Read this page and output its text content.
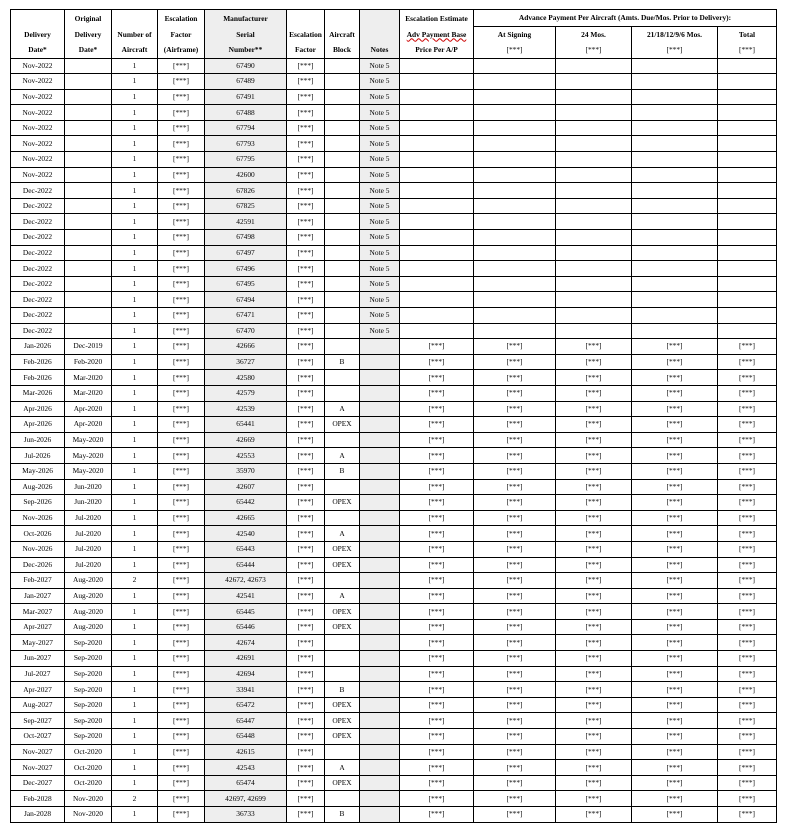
	Original		Escalation	Manufacturer				Escalation Estimate	Advance Payment Per Aircraft (Amts. Due/Mos. Prior to Delivery):			
Delivery	Delivery	Number of	Factor	Serial	Escalation	Aircraft		Adv Payment Base	At Signing	24 Mos.	21/18/12/9/6 Mos.	Total
Date*	Date*	Aircraft	(Airframe)	Number**	Factor	Block	Notes	Price Per A/P	[***]	[***]	[***]	[***]
Nov-2022		1	[***]	67490	[***]		Note 5					
Nov-2022		1	[***]	67489	[***]		Note 5					
Nov-2022		1	[***]	67491	[***]		Note 5					
Nov-2022		1	[***]	67488	[***]		Note 5					
Nov-2022		1	[***]	67794	[***]		Note 5					
Nov-2022		1	[***]	67793	[***]		Note 5					
Nov-2022		1	[***]	67795	[***]		Note 5					
Nov-2022		1	[***]	42600	[***]		Note 5					
Dec-2022		1	[***]	67826	[***]		Note 5					
Dec-2022		1	[***]	67825	[***]		Note 5					
Dec-2022		1	[***]	42591	[***]		Note 5					
Dec-2022		1	[***]	67498	[***]		Note 5					
Dec-2022		1	[***]	67497	[***]		Note 5					
Dec-2022		1	[***]	67496	[***]		Note 5					
Dec-2022		1	[***]	67495	[***]		Note 5					
Dec-2022		1	[***]	67494	[***]		Note 5					
Dec-2022		1	[***]	67471	[***]		Note 5					
Dec-2022		1	[***]	67470	[***]		Note 5					
Jan-2026	Dec-2019	1	[***]	42666	[***]			[***]	[***]	[***]	[***]	[***]
Feb-2026	Feb-2020	1	[***]	36727	[***]	B		[***]	[***]	[***]	[***]	[***]
Feb-2026	Mar-2020	1	[***]	42580	[***]			[***]	[***]	[***]	[***]	[***]
Mar-2026	Mar-2020	1	[***]	42579	[***]			[***]	[***]	[***]	[***]	[***]
Apr-2026	Apr-2020	1	[***]	42539	[***]	A		[***]	[***]	[***]	[***]	[***]
Apr-2026	Apr-2020	1	[***]	65441	[***]	OPEX		[***]	[***]	[***]	[***]	[***]
Jun-2026	May-2020	1	[***]	42669	[***]			[***]	[***]	[***]	[***]	[***]
Jul-2026	May-2020	1	[***]	42553	[***]	A		[***]	[***]	[***]	[***]	[***]
May-2026	May-2020	1	[***]	35970	[***]	B		[***]	[***]	[***]	[***]	[***]
Aug-2026	Jun-2020	1	[***]	42607	[***]			[***]	[***]	[***]	[***]	[***]
Sep-2026	Jun-2020	1	[***]	65442	[***]	OPEX		[***]	[***]	[***]	[***]	[***]
Nov-2026	Jul-2020	1	[***]	42665	[***]			[***]	[***]	[***]	[***]	[***]
Oct-2026	Jul-2020	1	[***]	42540	[***]	A		[***]	[***]	[***]	[***]	[***]
Nov-2026	Jul-2020	1	[***]	65443	[***]	OPEX		[***]	[***]	[***]	[***]	[***]
Dec-2026	Jul-2020	1	[***]	65444	[***]	OPEX		[***]	[***]	[***]	[***]	[***]
Feb-2027	Aug-2020	2	[***]	42672, 42673	[***]			[***]	[***]	[***]	[***]	[***]
Jan-2027	Aug-2020	1	[***]	42541	[***]	A		[***]	[***]	[***]	[***]	[***]
Mar-2027	Aug-2020	1	[***]	65445	[***]	OPEX		[***]	[***]	[***]	[***]	[***]
Apr-2027	Aug-2020	1	[***]	65446	[***]	OPEX		[***]	[***]	[***]	[***]	[***]
May-2027	Sep-2020	1	[***]	42674	[***]			[***]	[***]	[***]	[***]	[***]
Jun-2027	Sep-2020	1	[***]	42691	[***]			[***]	[***]	[***]	[***]	[***]
Jul-2027	Sep-2020	1	[***]	42694	[***]			[***]	[***]	[***]	[***]	[***]
Apr-2027	Sep-2020	1	[***]	33941	[***]	B		[***]	[***]	[***]	[***]	[***]
Aug-2027	Sep-2020	1	[***]	65472	[***]	OPEX		[***]	[***]	[***]	[***]	[***]
Sep-2027	Sep-2020	1	[***]	65447	[***]	OPEX		[***]	[***]	[***]	[***]	[***]
Oct-2027	Sep-2020	1	[***]	65448	[***]	OPEX		[***]	[***]	[***]	[***]	[***]
Nov-2027	Oct-2020	1	[***]	42615	[***]			[***]	[***]	[***]	[***]	[***]
Nov-2027	Oct-2020	1	[***]	42543	[***]	A		[***]	[***]	[***]	[***]	[***]
Dec-2027	Oct-2020	1	[***]	65474	[***]	OPEX		[***]	[***]	[***]	[***]	[***]
Feb-2028	Nov-2020	2	[***]	42697, 42699	[***]			[***]	[***]	[***]	[***]	[***]
Jan-2028	Nov-2020	1	[***]	36733	[***]	B		[***]	[***]	[***]	[***]	[***]
